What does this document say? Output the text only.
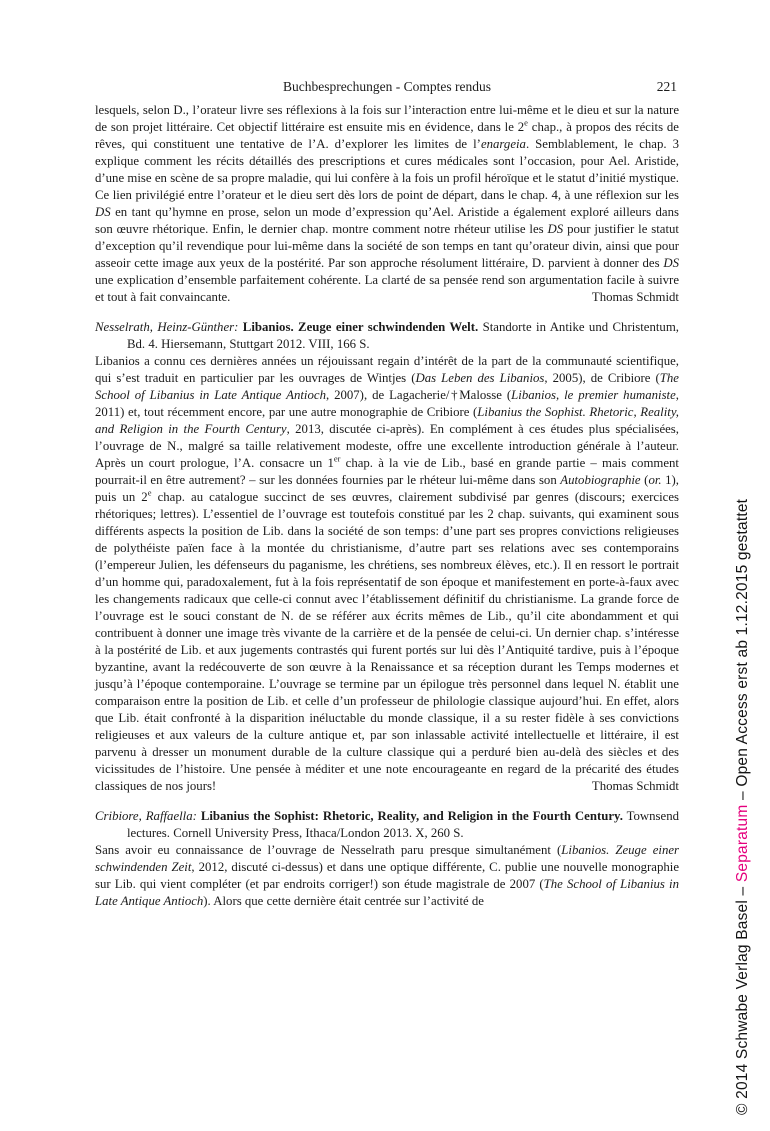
Buchbesprechungen - Comptes rendus	221

lesquels, selon D., l’orateur livre ses réflexions à la fois sur l’interaction entre lui-même et le dieu et sur la nature de son projet littéraire. Cet objectif littéraire est ensuite mis en évidence, dans le 2e chap., à propos des récits de rêves, qui constituent une tentative de l’A. d’explorer les limites de l’enargeia. Semblablement, le chap. 3 explique comment les récits détaillés des prescriptions et cures médicales sont l’occasion, pour Ael. Aristide, d’une mise en scène de sa propre maladie, qui lui confère à la fois un profil héroïque et le statut d’initié mystique. Ce lien privilégié entre l’orateur et le dieu sert dès lors de point de départ, dans le chap. 4, à une réflexion sur les DS en tant qu’hymne en prose, selon un mode d’expression qu’Ael. Aristide a également exploré ailleurs dans son œuvre rhétorique. Enfin, le dernier chap. montre comment notre rhéteur utilise les DS pour justifier le statut d’exception qu’il revendique pour lui-même dans la société de son temps en tant qu’orateur divin, ainsi que pour asseoir cette image aux yeux de la postérité. Par son approche résolument littéraire, D. parvient à donner des DS une explication d’ensemble parfaitement cohérente. La clarté de sa pensée rend son argumentation facile à suivre et tout à fait convaincante.	Thomas Schmidt

Nesselrath, Heinz-Günther: Libanios. Zeuge einer schwindenden Welt. Standorte in Antike und Christentum, Bd. 4. Hiersemann, Stuttgart 2012. VIII, 166 S.

Libanios a connu ces dernières années un réjouissant regain d’intérêt de la part de la communauté scientifique, qui s’est traduit en particulier par les ouvrages de Wintjes (Das Leben des Libanios, 2005), de Cribiore (The School of Libanius in Late Antique Antioch, 2007), de Lagacherie/†Malosse (Libanios, le premier humaniste, 2011) et, tout récemment encore, par une autre monographie de Cribiore (Libanius the Sophist. Rhetoric, Reality, and Religion in the Fourth Century, 2013, discutée ci-après). En complément à ces études plus spécialisées, l’ouvrage de N., malgré sa taille relativement modeste, offre une excellente introduction générale à l’auteur. Après un court prologue, l’A. consacre un 1er chap. à la vie de Lib., basé en grande partie – mais comment pourrait-il en être autrement? – sur les données fournies par le rhéteur lui-même dans son Autobiographie (or. 1), puis un 2e chap. au catalogue succinct de ses œuvres, clairement subdivisé par genres (discours; exercices rhétoriques; lettres). L’essentiel de l’ouvrage est toutefois constitué par les 2 chap. suivants, qui examinent sous différents aspects la position de Lib. dans la société de son temps: d’une part ses propres convictions religieuses de polythéiste païen face à la montée du christianisme, d’autre part ses relations avec ses contemporains (l’empereur Julien, les défenseurs du paganisme, les chrétiens, ses nombreux élèves, etc.). Il en ressort le portrait d’un homme qui, paradoxalement, fut à la fois représentatif de son époque et manifestement en porte-à-faux avec les changements radicaux que celle-ci connut avec l’établissement définitif du christianisme. La grande force de l’ouvrage est le souci constant de N. de se référer aux écrits mêmes de Lib., qu’il cite abondamment et qui contribuent à donner une image très vivante de la carrière et de la pensée de celui-ci. Un dernier chap. s’intéresse à la postérité de Lib. et aux jugements contrastés qui furent portés sur lui dès l’Antiquité tardive, puis à l’époque byzantine, avant la redécouverte de son œuvre à la Renaissance et sa réception durant les Temps modernes et jusqu’à l’époque contemporaine. L’ouvrage se termine par un épilogue très personnel dans lequel N. établit une comparaison entre la position de Lib. et celle d’un professeur de philologie classique aujourd’hui. En effet, alors que Lib. était confronté à la disparition inéluctable du monde classique, il a su rester fidèle à ses convictions religieuses et aux valeurs de la culture antique et, par son inlassable activité intellectuelle et littéraire, il est parvenu à dresser un monument durable de la culture classique qui a perduré bien au-delà des siècles et des vicissitudes de l’histoire. Une pensée à méditer et une note encourageante en regard de la précarité des études classiques de nos jours!	Thomas Schmidt

Cribiore, Raffaella: Libanius the Sophist: Rhetoric, Reality, and Religion in the Fourth Century. Townsend lectures. Cornell University Press, Ithaca/London 2013. X, 260 S.

Sans avoir eu connaissance de l’ouvrage de Nesselrath paru presque simultanément (Libanios. Zeuge einer schwindenden Zeit, 2012, discuté ci-dessus) et dans une optique différente, C. publie une nouvelle monographie sur Lib. qui vient compléter (et par endroits corriger!) son étude magistrale de 2007 (The School of Libanius in Late Antique Antioch). Alors que cette dernière était centrée sur l’activité de	© 2014 Schwabe Verlag Basel – Separatum – Open Access erst ab 1.12.2015 gestattet
